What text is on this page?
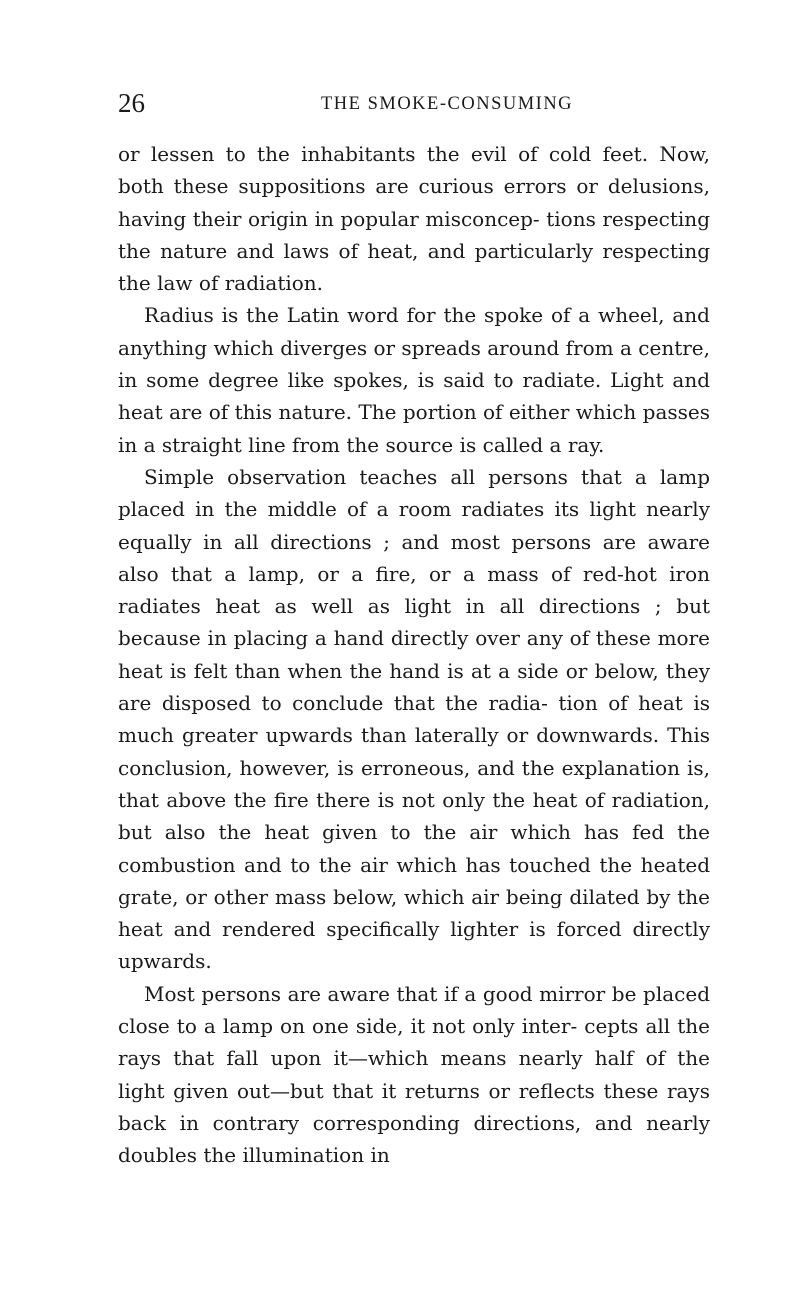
26	THE SMOKE-CONSUMING

or lessen to the inhabitants the evil of cold feet. Now, both these suppositions are curious errors or delusions, having their origin in popular misconcep- tions respecting the nature and laws of heat, and particularly respecting the law of radiation.

Radius is the Latin word for the spoke of a wheel, and anything which diverges or spreads around from a centre, in some degree like spokes, is said to radiate. Light and heat are of this nature. The portion of either which passes in a straight line from the source is called a ray.

Simple observation teaches all persons that a lamp placed in the middle of a room radiates its light nearly equally in all directions ; and most persons are aware also that a lamp, or a fire, or a mass of red-hot iron radiates heat as well as light in all directions ; but because in placing a hand directly over any of these more heat is felt than when the hand is at a side or below, they are disposed to conclude that the radia- tion of heat is much greater upwards than laterally or downwards. This conclusion, however, is erroneous, and the explanation is, that above the fire there is not only the heat of radiation, but also the heat given to the air which has fed the combustion and to the air which has touched the heated grate, or other mass below, which air being dilated by the heat and rendered specifically lighter is forced directly upwards.

Most persons are aware that if a good mirror be placed close to a lamp on one side, it not only inter- cepts all the rays that fall upon it—which means nearly half of the light given out—but that it returns or reflects these rays back in contrary corresponding directions, and nearly doubles the illumination in
